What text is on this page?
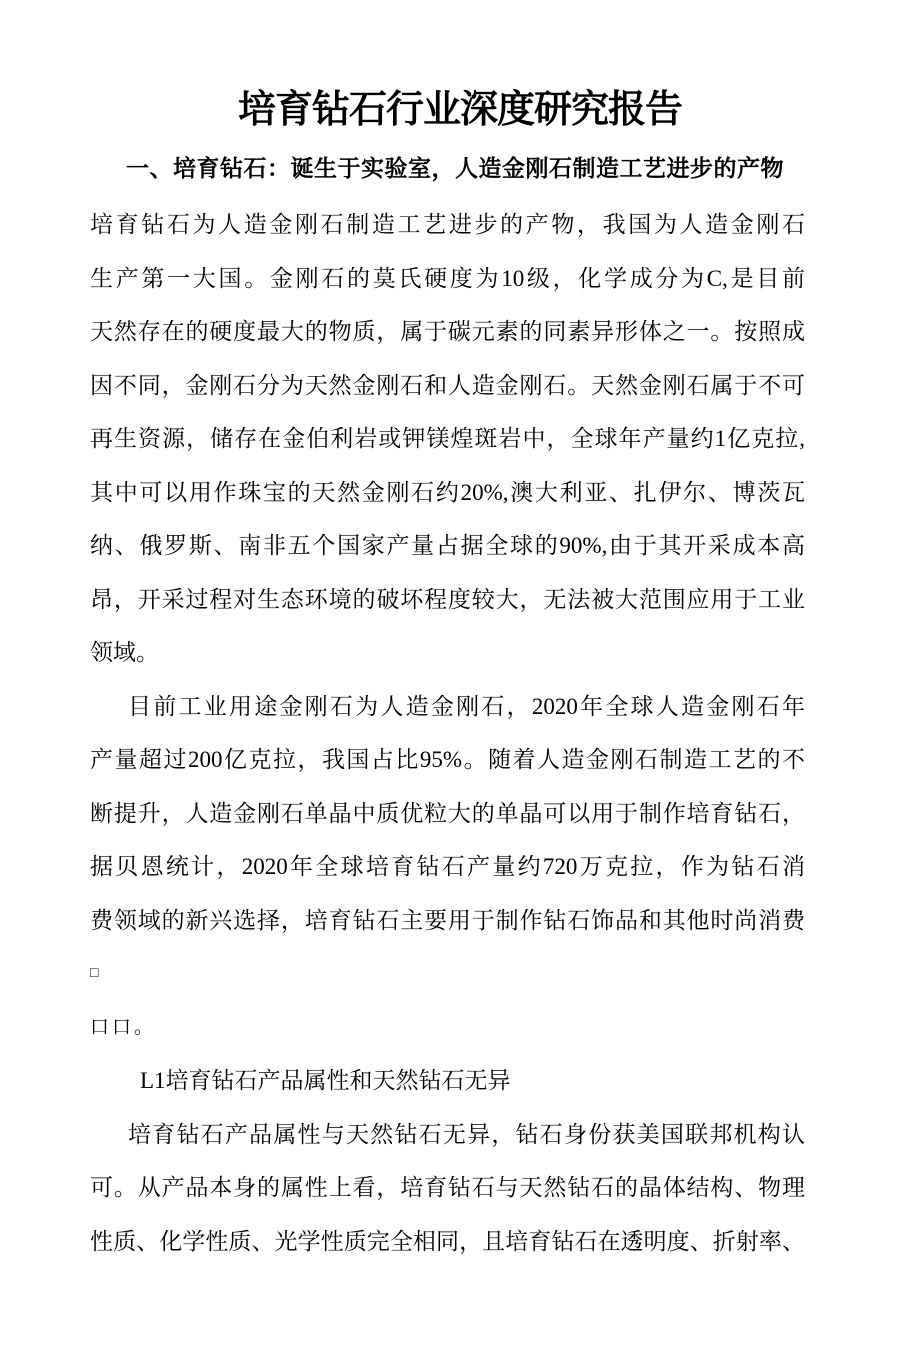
培育钻石行业深度研究报告
一、培育钻石：诞生于实验室，人造金刚石制造工艺进步的产物
培育钻石为人造金刚石制造工艺进步的产物，我国为人造金刚石
生产第一大国。金刚石的莫氏硬度为10级，化学成分为C,是目前
天然存在的硬度最大的物质，属于碳元素的同素异形体之一。按照成
因不同，金刚石分为天然金刚石和人造金刚石。天然金刚石属于不可
再生资源，储存在金伯利岩或钾镁煌斑岩中，全球年产量约1亿克拉,
其中可以用作珠宝的天然金刚石约20%,澳大利亚、扎伊尔、博茨瓦
纳、俄罗斯、南非五个国家产量占据全球的90%,由于其开采成本高
昂，开采过程对生态环境的破坏程度较大，无法被大范围应用于工业
领域。
目前工业用途金刚石为人造金刚石，2020年全球人造金刚石年
产量超过200亿克拉，我国占比95%。随着人造金刚石制造工艺的不
断提升，人造金刚石单晶中质优粒大的单晶可以用于制作培育钻石，
据贝恩统计，2020年全球培育钻石产量约720万克拉，作为钻石消
费领域的新兴选择，培育钻石主要用于制作钻石饰品和其他时尚消费
□
口口。
L1培育钻石产品属性和天然钻石无异
培育钻石产品属性与天然钻石无异，钻石身份获美国联邦机构认
可。从产品本身的属性上看，培育钻石与天然钻石的晶体结构、物理
性质、化学性质、光学性质完全相同，且培育钻石在透明度、折射率、
